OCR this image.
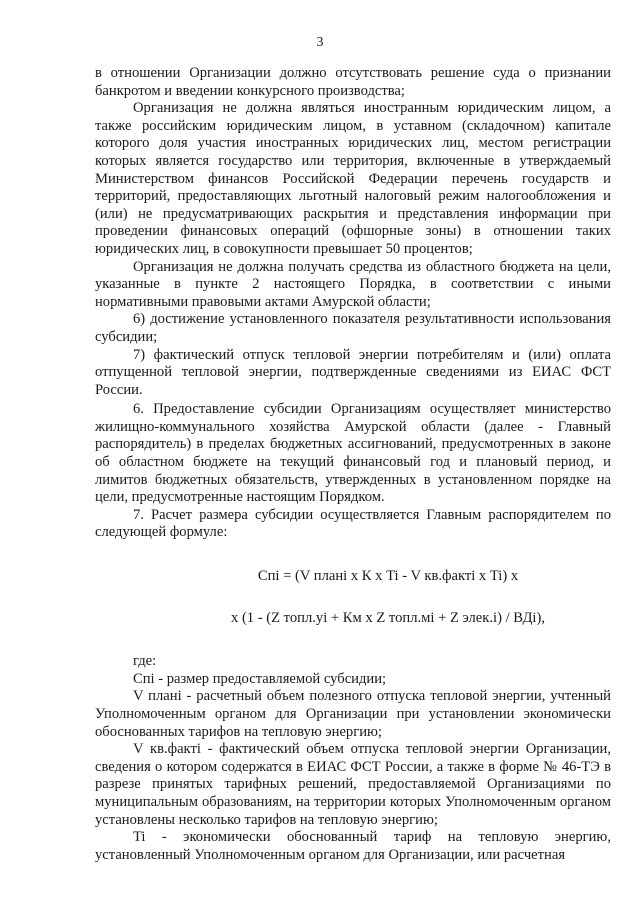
3

в отношении Организации должно отсутствовать решение суда о признании банкротом и введении конкурсного производства;

Организация не должна являться иностранным юридическим лицом, а также российским юридическим лицом, в уставном (складочном) капитале которого доля участия иностранных юридических лиц, местом регистрации которых является государство или территория, включенные в утверждаемый Министерством финансов Российской Федерации перечень государств и территорий, предоставляющих льготный налоговый режим налогообложения и (или) не предусматривающих раскрытия и представления информации при проведении финансовых операций (офшорные зоны) в отношении таких юридических лиц, в совокупности превышает 50 процентов;

Организация не должна получать средства из областного бюджета на цели, указанные в пункте 2 настоящего Порядка, в соответствии с иными нормативными правовыми актами Амурской области;

6) достижение установленного показателя результативности использования субсидии;

7) фактический отпуск тепловой энергии потребителям и (или) оплата отпущенной тепловой энергии, подтвержденные сведениями из ЕИАС ФСТ России.

6. Предоставление субсидии Организациям осуществляет министерство жилищно-коммунального хозяйства Амурской области (далее - Главный распорядитель) в пределах бюджетных ассигнований, предусмотренных в законе об областном бюджете на текущий финансовый год и плановый период, и лимитов бюджетных обязательств, утвержденных в установленном порядке на цели, предусмотренные настоящим Порядком.

7. Расчет размера субсидии осуществляется Главным распорядителем по следующей формуле:

Cпi = (V планi х К х Ti - V кв.фактi х Ti) х
х (1 - (Z топл.уi + Км х Z топл.мi + Z элек.i) / ВДi),

где:

Cпi - размер предоставляемой субсидии;

V планi - расчетный объем полезного отпуска тепловой энергии, учтенный Уполномоченным органом для Организации при установлении экономически обоснованных тарифов на тепловую энергию;

V кв.фактi - фактический объем отпуска тепловой энергии Организации, сведения о котором содержатся в ЕИАС ФСТ России, а также в форме № 46-ТЭ в разрезе принятых тарифных решений, предоставляемой Организациями по муниципальным образованиям, на территории которых Уполномоченным органом установлены несколько тарифов на тепловую энергию;

Ti - экономически обоснованный тариф на тепловую энергию, установленный Уполномоченным органом для Организации, или расчетная
